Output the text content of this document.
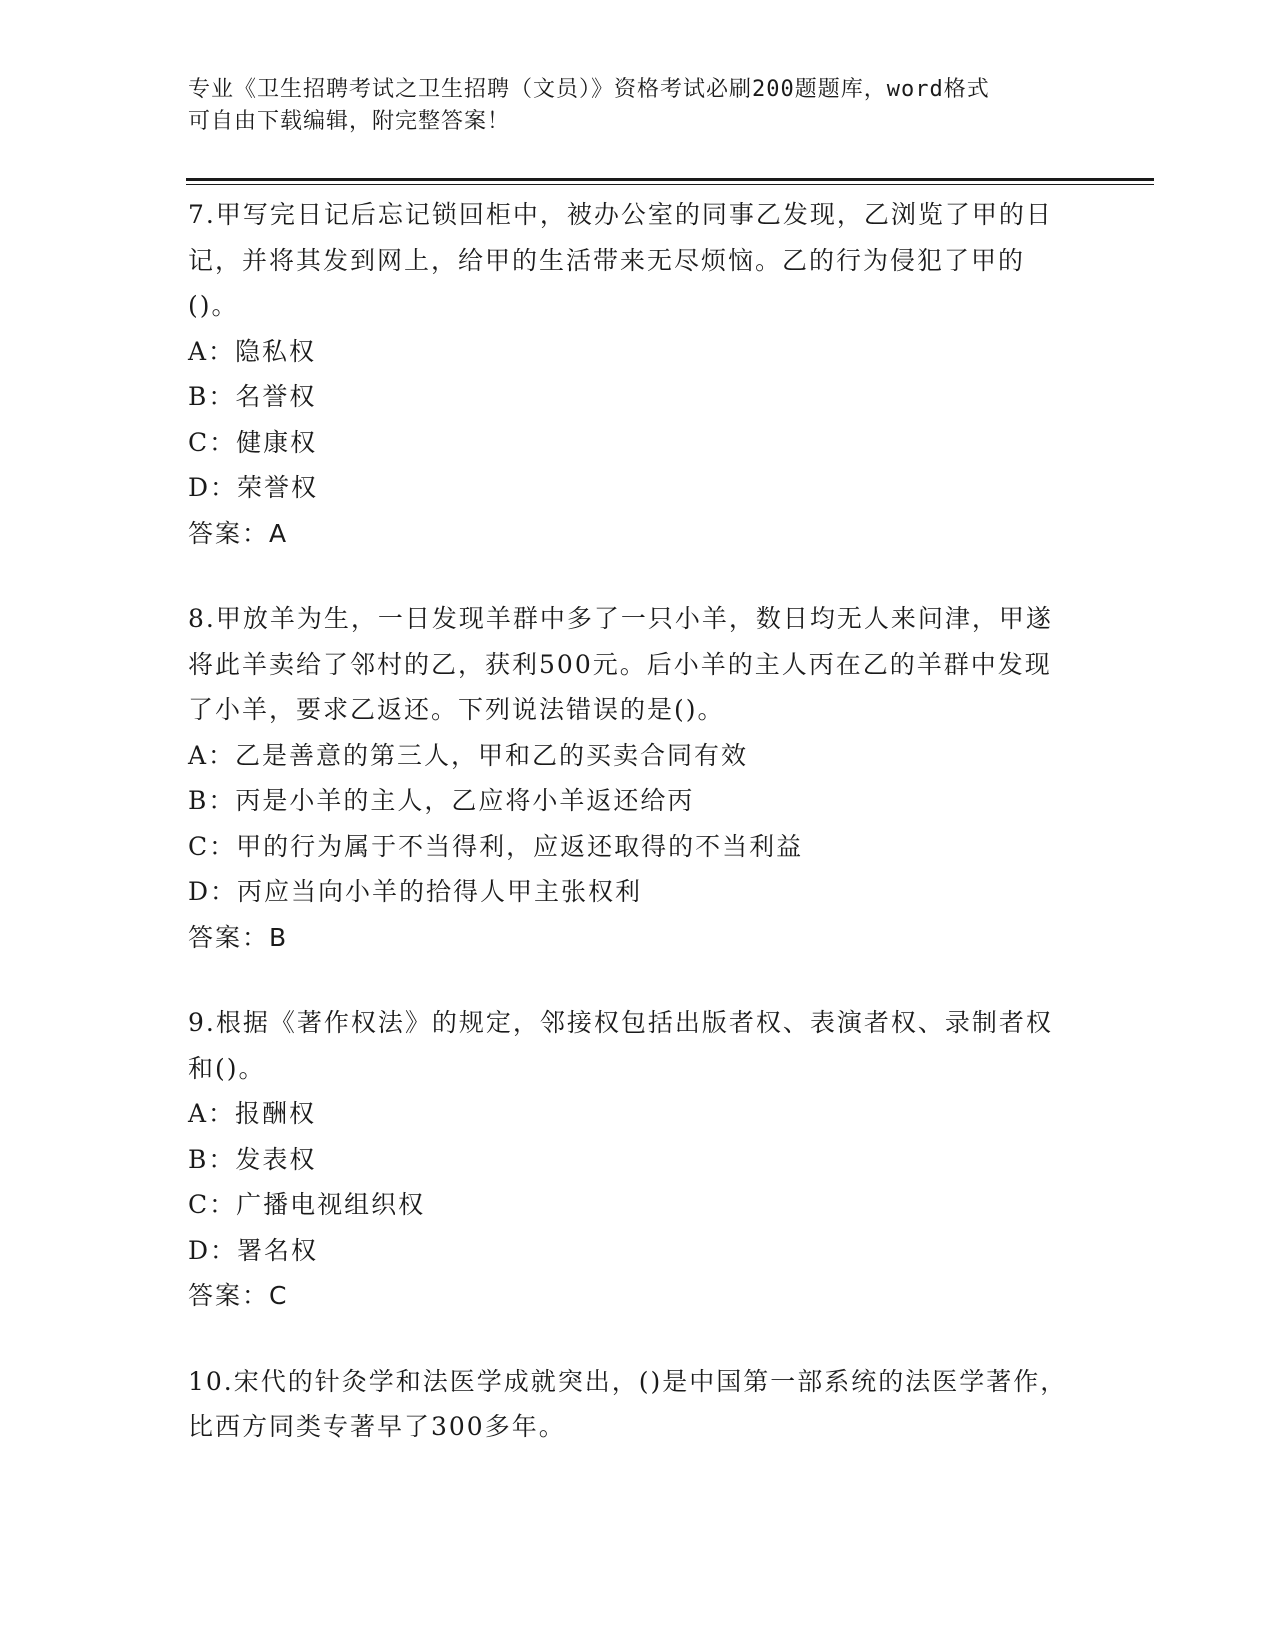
专业《卫生招聘考试之卫生招聘（文员）》资格考试必刷200题题库，word格式
可自由下载编辑，附完整答案！

7.甲写完日记后忘记锁回柜中，被办公室的同事乙发现，乙浏览了甲的日记，并将其发到网上，给甲的生活带来无尽烦恼。乙的行为侵犯了甲的()。

A：隐私权

B：名誉权

C：健康权

D：荣誉权

答案：A

8.甲放羊为生，一日发现羊群中多了一只小羊，数日均无人来问津，甲遂将此羊卖给了邻村的乙，获利500元。后小羊的主人丙在乙的羊群中发现了小羊，要求乙返还。下列说法错误的是()。

A：乙是善意的第三人，甲和乙的买卖合同有效

B：丙是小羊的主人，乙应将小羊返还给丙

C：甲的行为属于不当得利，应返还取得的不当利益

D：丙应当向小羊的拾得人甲主张权利

答案：B

9.根据《著作权法》的规定，邻接权包括出版者权、表演者权、录制者权和()。

A：报酬权

B：发表权

C：广播电视组织权

D：署名权

答案：C

10.宋代的针灸学和法医学成就突出，()是中国第一部系统的法医学著作，比西方同类专著早了300多年。
